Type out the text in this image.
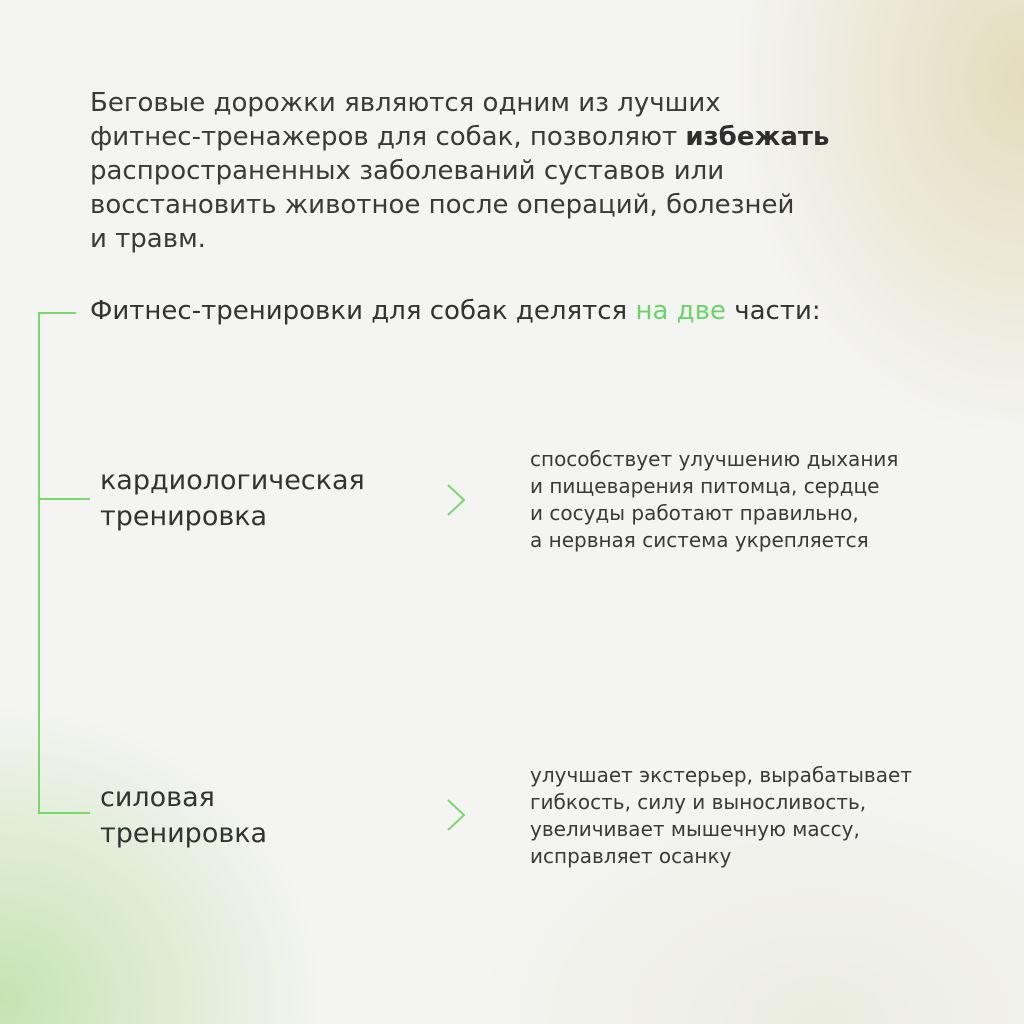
Беговые дорожки являются одним из лучших
фитнес-тренажеров для собак, позволяют избежать
распространенных заболеваний суставов или
восстановить животное после операций, болезней
и травм.

Фитнес-тренировки для собак делятся на две части:

кардиологическая
тренировка

способствует улучшению дыхания
и пищеварения питомца, сердце
и сосуды работают правильно,
а нервная система укрепляется

силовая
тренировка

улучшает экстерьер, вырабатывает
гибкость, силу и выносливость,
увеличивает мышечную массу,
исправляет осанку
